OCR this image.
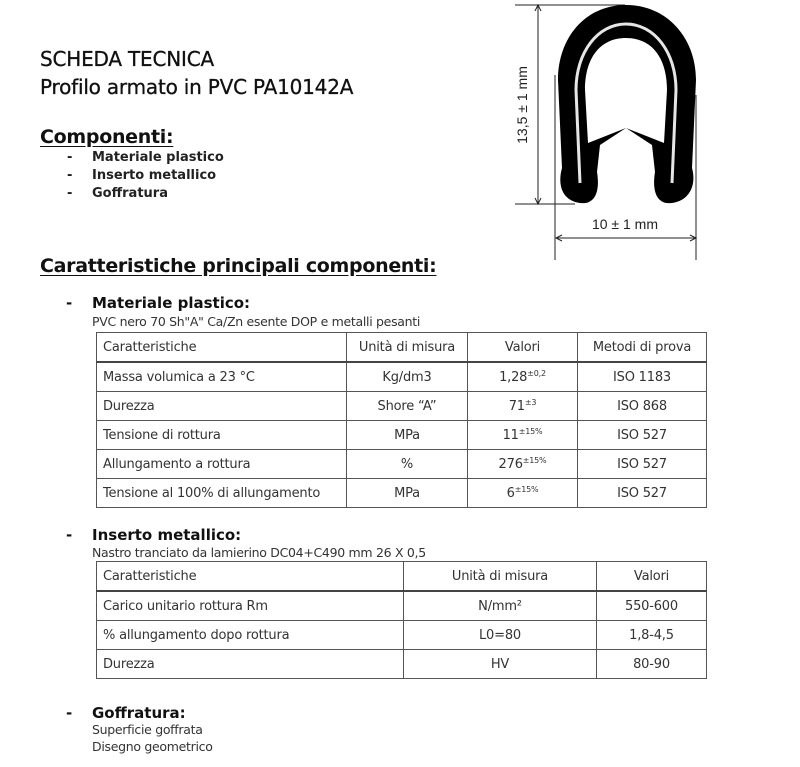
SCHEDA TECNICA
Profilo armato in PVC PA10142A
Componenti:
- Materiale plastico
- Inserto metallico
- Goffratura
13,5 ± 1 mm
10 ± 1 mm
Caratteristiche principali componenti:
- Materiale plastico:
PVC nero 70 Sh"A" Ca/Zn esente DOP e metalli pesanti
Caratteristiche	Unità di misura	Valori	Metodi di prova
Massa volumica a 23 °C	Kg/dm3	$1,28^{\pm 0,2}$	ISO 1183
Durezza	Shore “A”	$71^{\pm 3}$	ISO 868
Tensione di rottura	MPa	$11^{\pm 15\%}$	ISO 527
Allungamento a rottura	%	$276^{\pm 15\%}$	ISO 527
Tensione al 100% di allungamento	MPa	$6^{\pm 15\%}$	ISO 527
- Inserto metallico:
Nastro tranciato da lamierino DC04+C490 mm 26 X 0,5
Caratteristiche	Unità di misura	Valori
Carico unitario rottura Rm	N/mm²	550-600
% allungamento dopo rottura	L0=80	1,8-4,5
Durezza	HV	80-90
- Goffratura:
Superficie goffrata
Disegno geometrico
